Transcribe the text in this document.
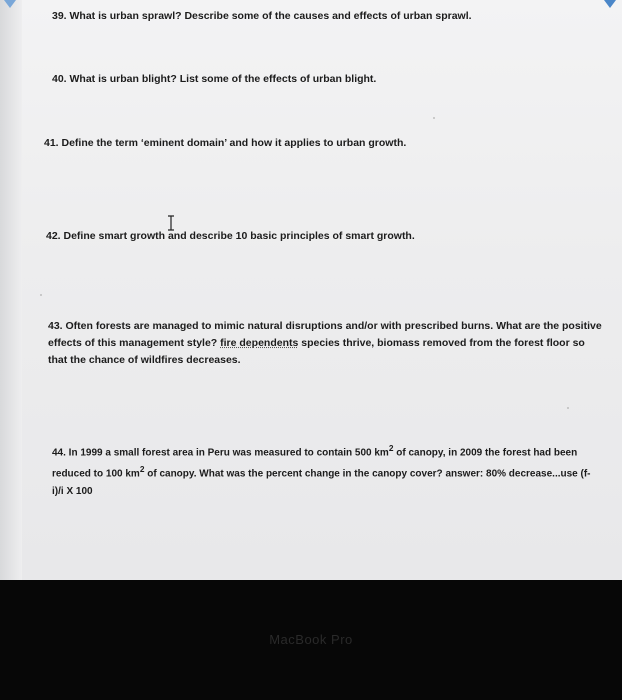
39. What is urban sprawl? Describe some of the causes and effects of urban sprawl.

40. What is urban blight? List some of the effects of urban blight.

41. Define the term ‘eminent domain’ and how it applies to urban growth.

42. Define smart growth and describe 10 basic principles of smart growth.

43. Often forests are managed to mimic natural disruptions and/or with prescribed burns. What are the positive effects of this management style? fire dependents species thrive, biomass removed from the forest floor so that the chance of wildfires decreases.

44. In 1999 a small forest area in Peru was measured to contain 500 $km^2$ of canopy, in 2009 the forest had been reduced to 100 $km^2$ of canopy. What was the percent change in the canopy cover? answer: 80% decrease...use (f-i)/i X 100

MacBook Pro
